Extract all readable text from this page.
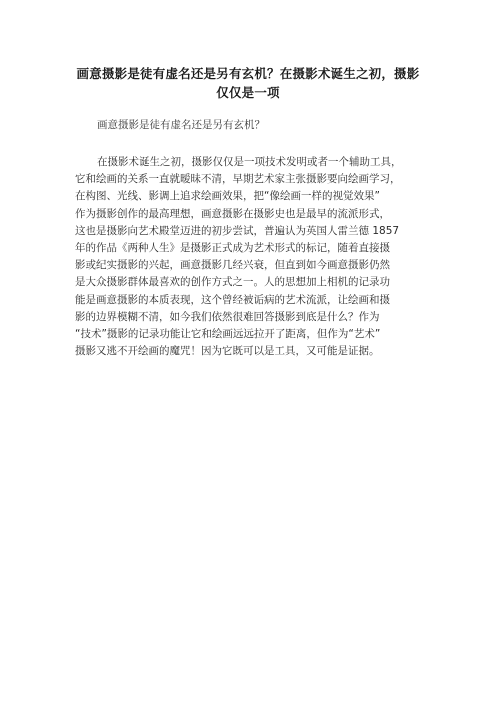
画意摄影是徒有虚名还是另有玄机？在摄影术诞生之初，摄影
仅仅是一项

画意摄影是徒有虚名还是另有玄机？

在摄影术诞生之初，摄影仅仅是一项技术发明或者一个辅助工具，
它和绘画的关系一直就暧昧不清，早期艺术家主张摄影要向绘画学习，
在构图、光线、影调上追求绘画效果，把“像绘画一样的视觉效果”
作为摄影创作的最高理想，画意摄影在摄影史也是最早的流派形式，
这也是摄影向艺术殿堂迈进的初步尝试，普遍认为英国人雷兰德 1857
年的作品《两种人生》是摄影正式成为艺术形式的标记，随着直接摄
影或纪实摄影的兴起，画意摄影几经兴衰，但直到如今画意摄影仍然
是大众摄影群体最喜欢的创作方式之一。人的思想加上相机的记录功
能是画意摄影的本质表现，这个曾经被诟病的艺术流派，让绘画和摄
影的边界模糊不清，如今我们依然很难回答摄影到底是什么？作为
“技术”摄影的记录功能让它和绘画远远拉开了距离，但作为“艺术”
摄影又逃不开绘画的魔咒！因为它既可以是工具，又可能是证据。
